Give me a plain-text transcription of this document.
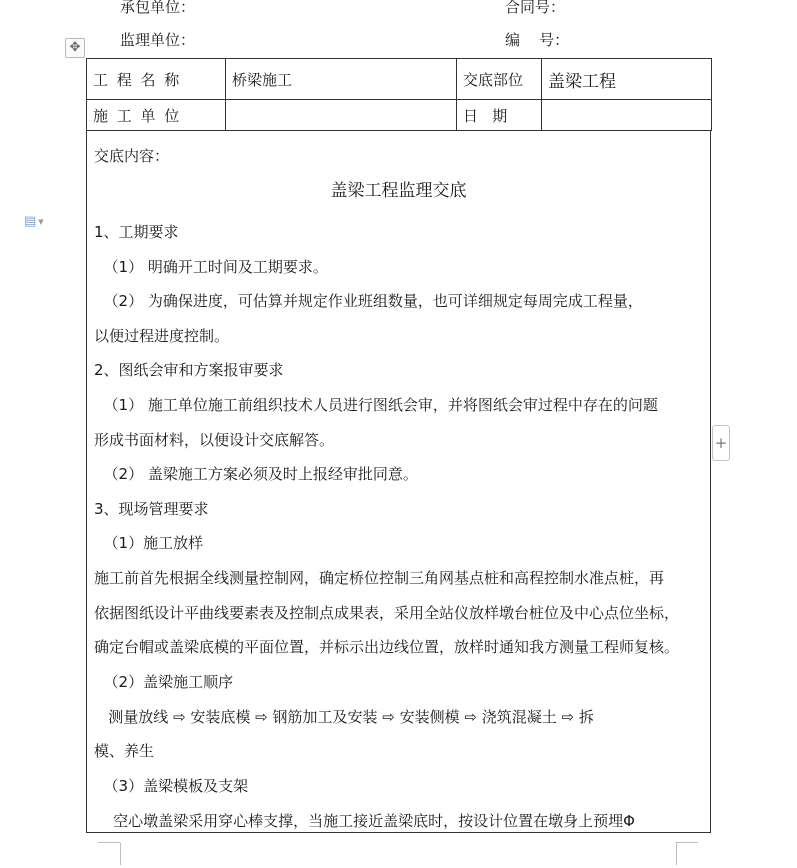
承包单位：	合同号：
监理单位：	编    号：
✥
▤ ▼
+
工 程 名 称	桥梁施工	交底部位	盖梁工程
施 工 单 位		日   期	
交底内容：
盖梁工程监理交底
1、工期要求
（1） 明确开工时间及工期要求。
（2） 为确保进度，可估算并规定作业班组数量，也可详细规定每周完成工程量，
以便过程进度控制。
2、图纸会审和方案报审要求
（1） 施工单位施工前组织技术人员进行图纸会审，并将图纸会审过程中存在的问题
形成书面材料，以便设计交底解答。
（2） 盖梁施工方案必须及时上报经审批同意。
3、现场管理要求
（1）施工放样
施工前首先根据全线测量控制网，确定桥位控制三角网基点桩和高程控制水准点桩，再
依据图纸设计平曲线要素表及控制点成果表，采用全站仪放样墩台桩位及中心点位坐标，
确定台帽或盖梁底模的平面位置，并标示出边线位置，放样时通知我方测量工程师复核。
（2）盖梁施工顺序
测量放线 ⇨ 安装底模 ⇨ 钢筋加工及安装 ⇨ 安装侧模 ⇨ 浇筑混凝土 ⇨ 拆
模、养生
（3）盖梁模板及支架
空心墩盖梁采用穿心棒支撑，当施工接近盖梁底时，按设计位置在墩身上预埋Φ
